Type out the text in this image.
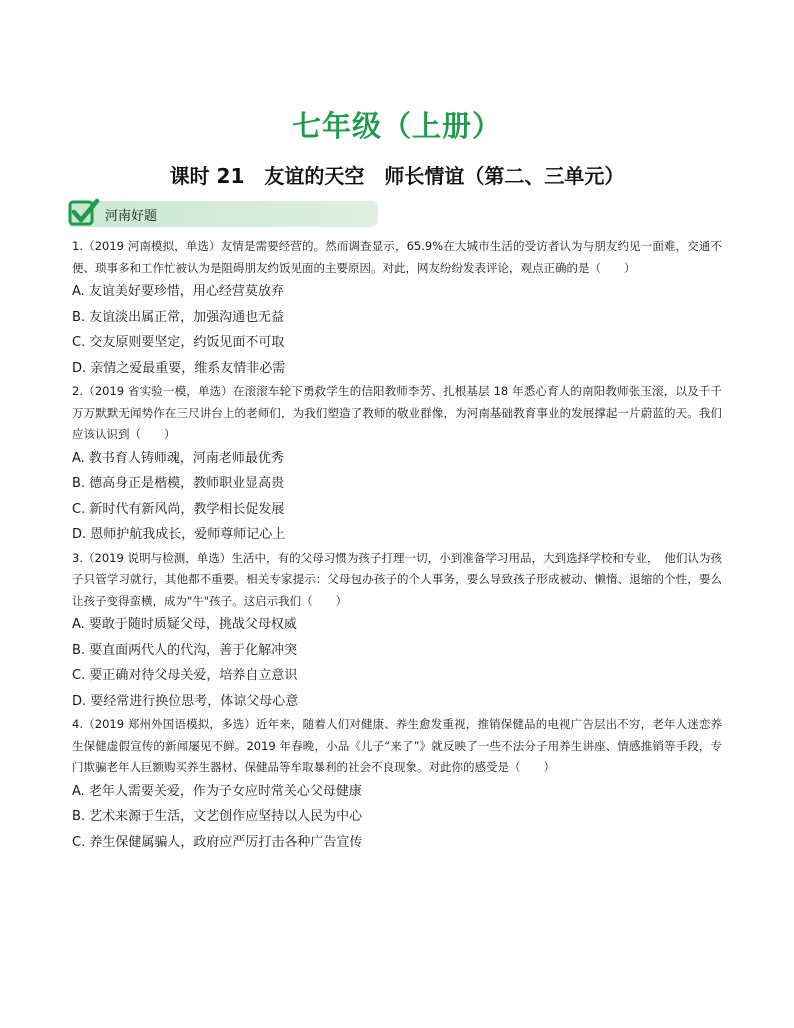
七年级（上册）
课时 21　友谊的天空　师长情谊（第二、三单元）
河南好题
1.（2019 河南模拟，单选）友情是需要经营的。然而调查显示，65.9%在大城市生活的受访者认为与朋友约见一面难，交通不便、琐事多和工作忙被认为是阻碍朋友约饭见面的主要原因。对此，网友纷纷发表评论，观点正确的是（　　）
A. 友谊美好要珍惜，用心经营莫放弃
B. 友谊淡出属正常，加强沟通也无益
C. 交友原则要坚定，约饭见面不可取
D. 亲情之爱最重要，维系友情非必需
2.（2019 省实验一模，单选）在滚滚车轮下勇救学生的信阳教师李芳、扎根基层 18 年悉心育人的南阳教师张玉滚，以及千千万万默默无闻势作在三尺讲台上的老师们，为我们塑造了教师的敬业群像，为河南基础教育事业的发展撑起一片蔚蓝的天。我们应该认识到（　　）
A. 教书育人铸师魂，河南老师最优秀
B. 德高身正是楷模，教师职业显高贵
C. 新时代有新风尚，教学相长促发展
D. 恩师护航我成长，爱师尊师记心上
3.（2019 说明与检测，单选）生活中，有的父母习惯为孩子打理一切，小到准备学习用品，大到选择学校和专业，　他们认为孩子只管学习就行，其他都不重要。相关专家提示：父母包办孩子的个人事务，要么导致孩子形成被动、懒惰、退缩的个性，要么让孩子变得蛮横，成为"牛"孩子。这启示我们（　　）
A. 要敢于随时质疑父母，挑战父母权威
B. 要直面两代人的代沟，善于化解冲突
C. 要正确对待父母关爱，培养自立意识
D. 要经常进行换位思考，体谅父母心意
4.（2019 郑州外国语模拟，多选）近年来，随着人们对健康、养生愈发重视，推销保健品的电视广告层出不穷，老年人迷恋养生保健虚假宣传的新闻屡见不鲜。2019 年春晚，小品《儿子“来了”》就反映了一些不法分子用养生讲座、情感推销等手段，专门欺骗老年人巨额购买养生器材、保健品等牟取暴利的社会不良现象。对此你的感受是（　　）
A. 老年人需要关爱，作为子女应时常关心父母健康
B. 艺术来源于生活，文艺创作应坚持以人民为中心
C. 养生保健属骗人，政府应严厉打击各种广告宣传
